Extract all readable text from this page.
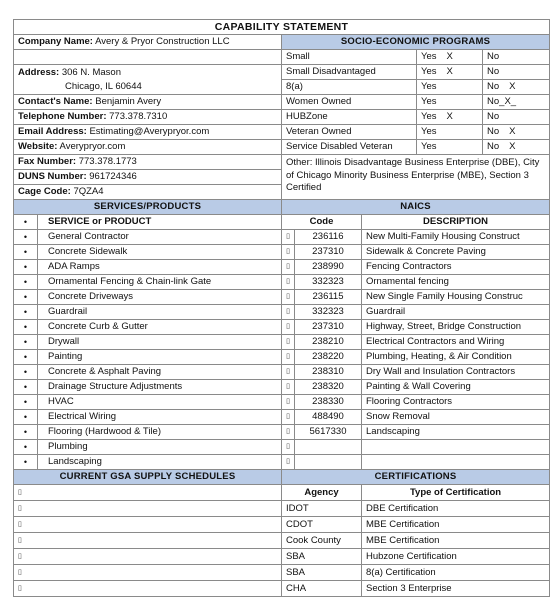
CAPABILITY STATEMENT			
Company Name: Avery & Pryor Construction LLC	SOCIO-ECONOMIC PROGRAMS		
	Small	Yes X	No
Address: 306 N. Mason
Chicago, IL 60644	Small Disadvantaged	Yes X	No
	8(a)	Yes	No X
Contact's Name: Benjamin Avery	Women Owned	Yes	No_X_
Telephone Number: 773.378.7310	HUBZone	Yes X	No
Email Address: Estimating@Averypryor.com	Veteran Owned	Yes	No X
Website: Averypryor.com	Service Disabled Veteran	Yes	No X
Fax Number: 773.378.1773	Other: Illinois Disadvantage Business Enterprise (DBE), City of Chicago Minority Business Enterprise (MBE), Section 3 Certified		
DUNS Number: 961724346			
Cage Code: 7QZA4			
SERVICES/PRODUCTS		NAICS		
•	SERVICE or PRODUCT	Code		DESCRIPTION
•	General Contractor	▯	236116	New Multi-Family Housing Construct
•	Concrete Sidewalk	▯	237310	Sidewalk & Concrete Paving
•	ADA Ramps	▯	238990	Fencing Contractors
•	Ornamental Fencing & Chain-link Gate	▯	332323	Ornamental fencing
•	Concrete Driveways	▯	236115	New Single Family Housing Construc
•	Guardrail	▯	332323	Guardrail
•	Concrete Curb & Gutter	▯	237310	Highway, Street, Bridge Construction
•	Drywall	▯	238210	Electrical Contractors and Wiring
•	Painting	▯	238220	Plumbing, Heating, & Air Condition
•	Concrete & Asphalt Paving	▯	238310	Dry Wall and Insulation Contractors
•	Drainage Structure Adjustments	▯	238320	Painting & Wall Covering
•	HVAC	▯	238330	Flooring Contractors
•	Electrical Wiring	▯	488490	Snow Removal
•	Flooring (Hardwood & Tile)	▯	5617330	Landscaping
•	Plumbing	▯		
•	Landscaping	▯		
CURRENT GSA SUPPLY SCHEDULES	CERTIFICATIONS	
▯	Agency	Type of Certification
▯	IDOT	DBE Certification
▯	CDOT	MBE Certification
▯	Cook County	MBE Certification
▯	SBA	Hubzone Certification
▯	SBA	8(a) Certification
▯	CHA	Section 3 Enterprise
